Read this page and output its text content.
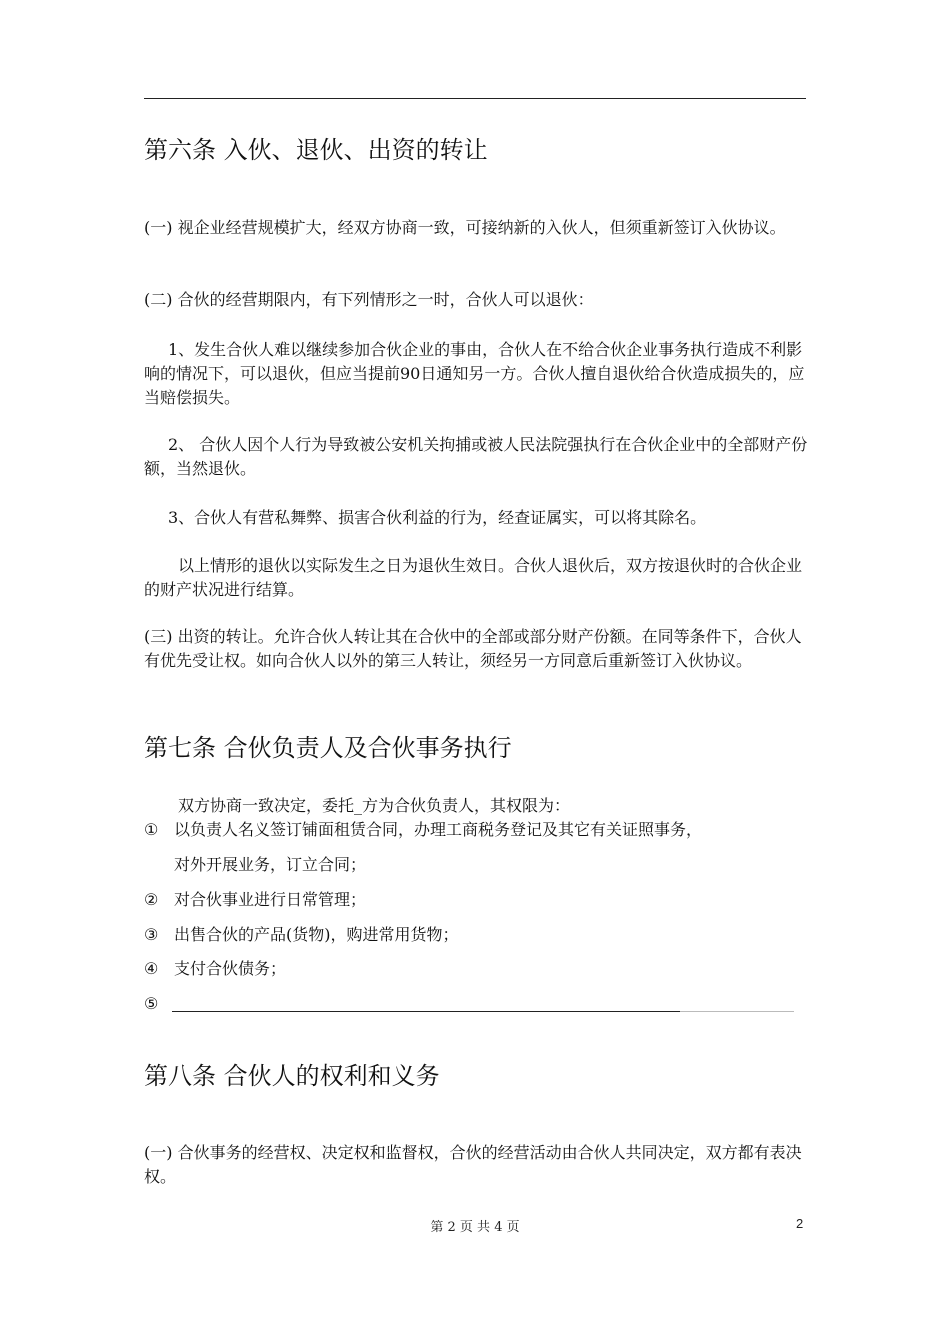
第六条 入伙、退伙、出资的转让

(一) 视企业经营规模扩大，经双方协商一致，可接纳新的入伙人，但须重新签订入伙协议。

(二) 合伙的经营期限内，有下列情形之一时，合伙人可以退伙：

1、发生合伙人难以继续参加合伙企业的事由，合伙人在不给合伙企业事务执行造成不利影响的情况下，可以退伙，但应当提前90日通知另一方。合伙人擅自退伙给合伙造成损失的，应当赔偿损失。

2、 合伙人因个人行为导致被公安机关拘捕或被人民法院强执行在合伙企业中的全部财产份额，当然退伙。

3、合伙人有营私舞弊、损害合伙利益的行为，经查证属实，可以将其除名。

以上情形的退伙以实际发生之日为退伙生效日。合伙人退伙后，双方按退伙时的合伙企业的财产状况进行结算。

(三) 出资的转让。允许合伙人转让其在合伙中的全部或部分财产份额。在同等条件下，合伙人有优先受让权。如向合伙人以外的第三人转让，须经另一方同意后重新签订入伙协议。

第七条 合伙负责人及合伙事务执行

双方协商一致决定，委托_方为合伙负责人，其权限为：

① 以负责人名义签订铺面租赁合同，办理工商税务登记及其它有关证照事务，
对外开展业务，订立合同；
② 对合伙事业进行日常管理；
③ 出售合伙的产品(货物)，购进常用货物；
④ 支付合伙债务；
⑤
第八条 合伙人的权利和义务

(一) 合伙事务的经营权、决定权和监督权，合伙的经营活动由合伙人共同决定，双方都有表决权。

第 2 页 共 4 页	2
